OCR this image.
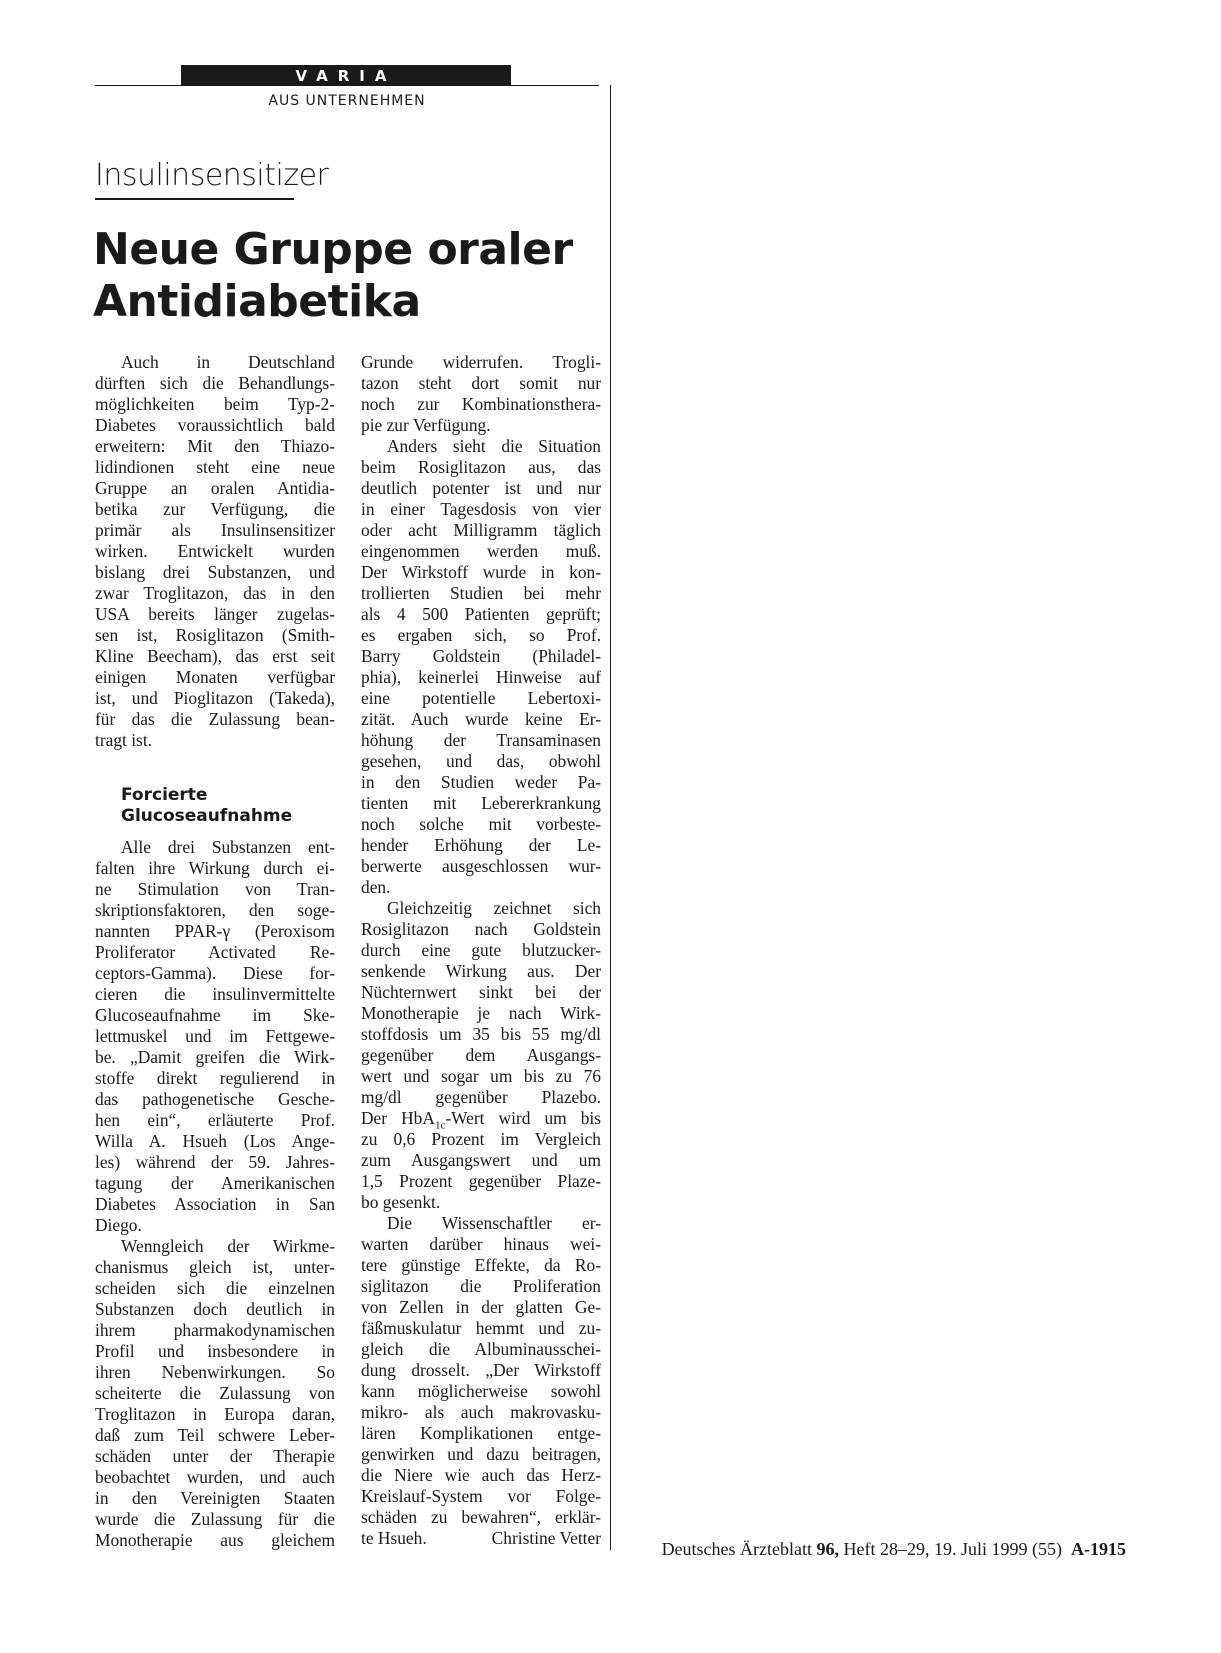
VARIA
AUS UNTERNEHMEN
Insulinsensitizer
Neue Gruppe oraler
Antidiabetika
Auch in Deutschland
dürften sich die Behandlungs-
möglichkeiten beim Typ-2-
Diabetes voraussichtlich bald
erweitern: Mit den Thiazo-
lidindionen steht eine neue
Gruppe an oralen Antidia-
betika zur Verfügung, die
primär als Insulinsensitizer
wirken. Entwickelt wurden
bislang drei Substanzen, und
zwar Troglitazon, das in den
USA bereits länger zugelas-
sen ist, Rosiglitazon (Smith-
Kline Beecham), das erst seit
einigen Monaten verfügbar
ist, und Pioglitazon (Takeda),
für das die Zulassung bean-
tragt ist.
Forcierte
Glucoseaufnahme
Alle drei Substanzen ent-
falten ihre Wirkung durch ei-
ne Stimulation von Tran-
skriptionsfaktoren, den soge-
nannten PPAR-γ (Peroxisom
Proliferator Activated Re-
ceptors-Gamma). Diese for-
cieren die insulinvermittelte
Glucoseaufnahme im Ske-
lettmuskel und im Fettgewe-
be. „Damit greifen die Wirk-
stoffe direkt regulierend in
das pathogenetische Gesche-
hen ein“, erläuterte Prof.
Willa A. Hsueh (Los Ange-
les) während der 59. Jahres-
tagung der Amerikanischen
Diabetes Association in San
Diego.
Wenngleich der Wirkme-
chanismus gleich ist, unter-
scheiden sich die einzelnen
Substanzen doch deutlich in
ihrem pharmakodynamischen
Profil und insbesondere in
ihren Nebenwirkungen. So
scheiterte die Zulassung von
Troglitazon in Europa daran,
daß zum Teil schwere Leber-
schäden unter der Therapie
beobachtet wurden, und auch
in den Vereinigten Staaten
wurde die Zulassung für die
Monotherapie aus gleichem
Grunde widerrufen. Trogli-
tazon steht dort somit nur
noch zur Kombinationsthera-
pie zur Verfügung.
Anders sieht die Situation
beim Rosiglitazon aus, das
deutlich potenter ist und nur
in einer Tagesdosis von vier
oder acht Milligramm täglich
eingenommen werden muß.
Der Wirkstoff wurde in kon-
trollierten Studien bei mehr
als 4 500 Patienten geprüft;
es ergaben sich, so Prof.
Barry Goldstein (Philadel-
phia), keinerlei Hinweise auf
eine potentielle Lebertoxi-
zität. Auch wurde keine Er-
höhung der Transaminasen
gesehen, und das, obwohl
in den Studien weder Pa-
tienten mit Lebererkrankung
noch solche mit vorbeste-
hender Erhöhung der Le-
berwerte ausgeschlossen wur-
den.
Gleichzeitig zeichnet sich
Rosiglitazon nach Goldstein
durch eine gute blutzucker-
senkende Wirkung aus. Der
Nüchternwert sinkt bei der
Monotherapie je nach Wirk-
stoffdosis um 35 bis 55 mg/dl
gegenüber dem Ausgangs-
wert und sogar um bis zu 76
mg/dl gegenüber Plazebo.
Der HbA$_{1c}$-Wert wird um bis
zu 0,6 Prozent im Vergleich
zum Ausgangswert und um
1,5 Prozent gegenüber Plaze-
bo gesenkt.
Die Wissenschaftler er-
warten darüber hinaus wei-
tere günstige Effekte, da Ro-
siglitazon die Proliferation
von Zellen in der glatten Ge-
fäßmuskulatur hemmt und zu-
gleich die Albuminausschei-
dung drosselt. „Der Wirkstoff
kann möglicherweise sowohl
mikro- als auch makrovasku-
lären Komplikationen entge-
genwirken und dazu beitragen,
die Niere wie auch das Herz-
Kreislauf-System vor Folge-
schäden zu bewahren“, erklär-
te Hsueh.	Christine Vetter
Deutsches Ärzteblatt 96, Heft 28–29, 19. Juli 1999 (55)  A-1915
